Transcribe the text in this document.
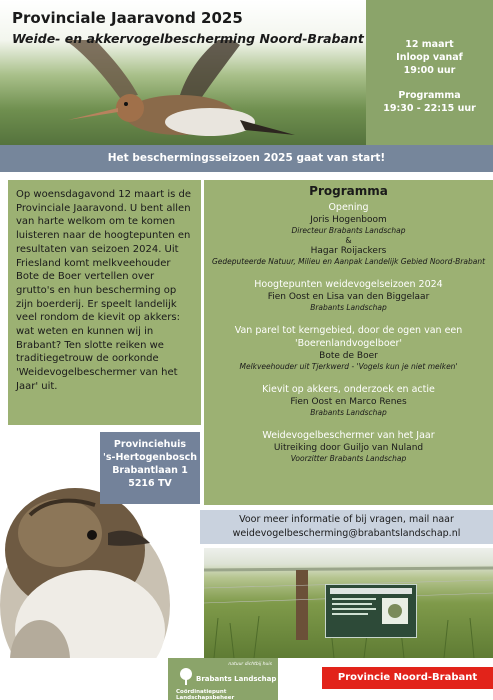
Provinciale Jaaravond 2025
Weide- en akkervogelbescherming Noord-Brabant	12 maart
Inloop vanaf
19:00 uur
Programma
19:30 - 22:15 uur
Het beschermingsseizoen 2025 gaat van start!

Op woensdagavond 12 maart is de Provinciale Jaaravond. U bent allen van harte welkom om te komen luisteren naar de hoogtepunten en resultaten van seizoen 2024. Uit Friesland komt melkveehouder Bote de Boer vertellen over grutto's en hun bescherming op zijn boerderij. Er speelt landelijk veel rondom de kievit op akkers: wat weten en kunnen wij in Brabant? Ten slotte reiken we traditiegetrouw de oorkonde 'Weidevogelbeschermer van het Jaar' uit.

Programma
Opening
Joris Hogenboom
Directeur Brabants Landschap
&
Hagar Roijackers
Gedeputeerde Natuur, Milieu en Aanpak Landelijk Gebied Noord-Brabant
Hoogtepunten weidevogelseizoen 2024
Fien Oost en Lisa van den Biggelaar
Brabants Landschap
Van parel tot kerngebied, door de ogen van een
'Boerenlandvogelboer'
Bote de Boer
Melkveehouder uit Tjerkwerd - 'Vogels kun je niet melken'
Kievit op akkers, onderzoek en actie
Fien Oost en Marco Renes
Brabants Landschap
Weidevogelbeschermer van het Jaar
Uitreiking door Guiljo van Nuland
Voorzitter Brabants Landschap
Provinciehuis
's-Hertogenbosch
Brabantlaan 1
5216 TV
Voor meer informatie of bij vragen, mail naar
weidevogelbescherming@brabantslandschap.nl
natuur dichtbij huis
Brabants Landschap
Coördinatiepunt Landschapsbeheer
Provincie Noord-Brabant
